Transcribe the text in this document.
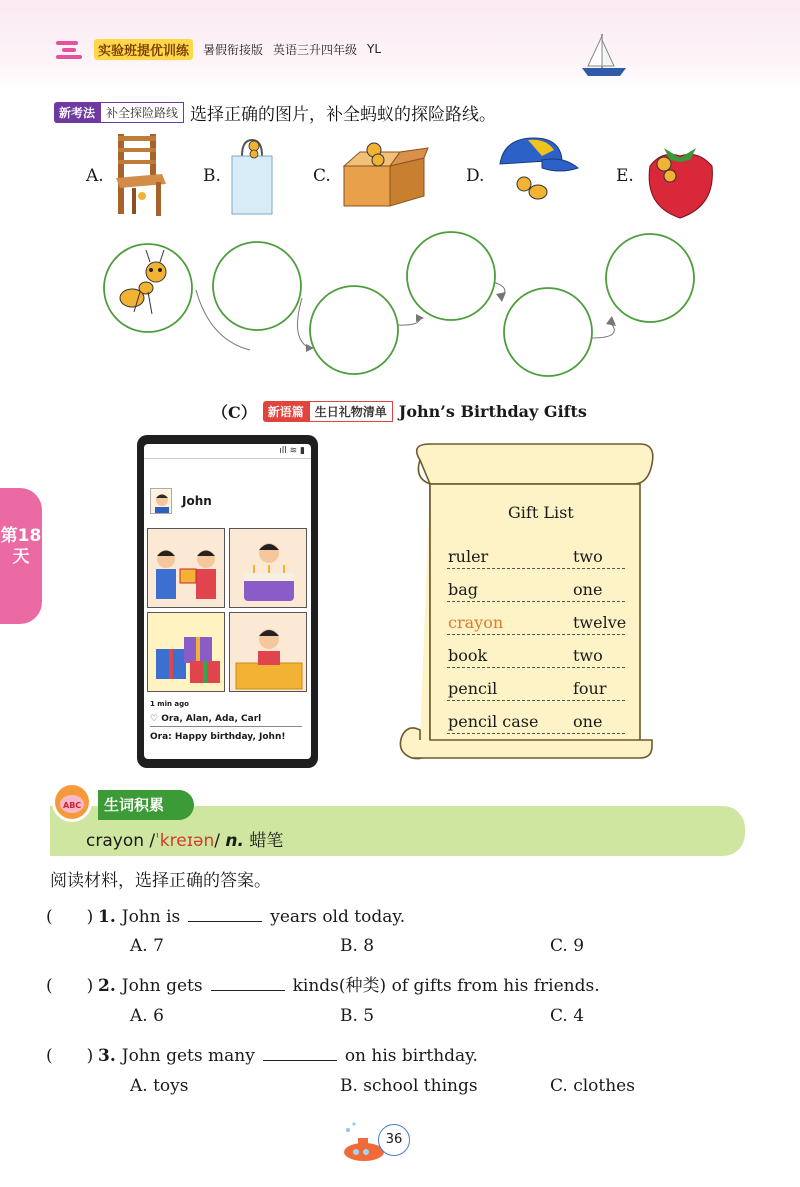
实验班提优训练	暑假衔接版 英语三升四年级 YL
第18天
新考法 补全探险路线 选择正确的图片，补全蚂蚁的探险路线。
A.	B.	C.	D.	E.
（C） 新语篇 生日礼物清单 John’s Birthday Gifts
ıll ≋ ▮
John
1 min ago
♡ Ora, Alan, Ada, Carl
Ora: Happy birthday, John!
Gift List
ruler	two
bag	one
crayon	twelve
book	two
pencil	four
pencil case one
生词积累
ABC
crayon /ˈkreɪən/ n. 蜡笔
阅读材料，选择正确的答案。
(　　) 1. John is	years old today.
A. 7	B. 8	C. 9
(　　) 2. John gets	kinds(种类) of gifts from his friends.
A. 6	B. 5	C. 4
(　　) 3. John gets many	on his birthday.
A. toys	B. school things	C. clothes
36
